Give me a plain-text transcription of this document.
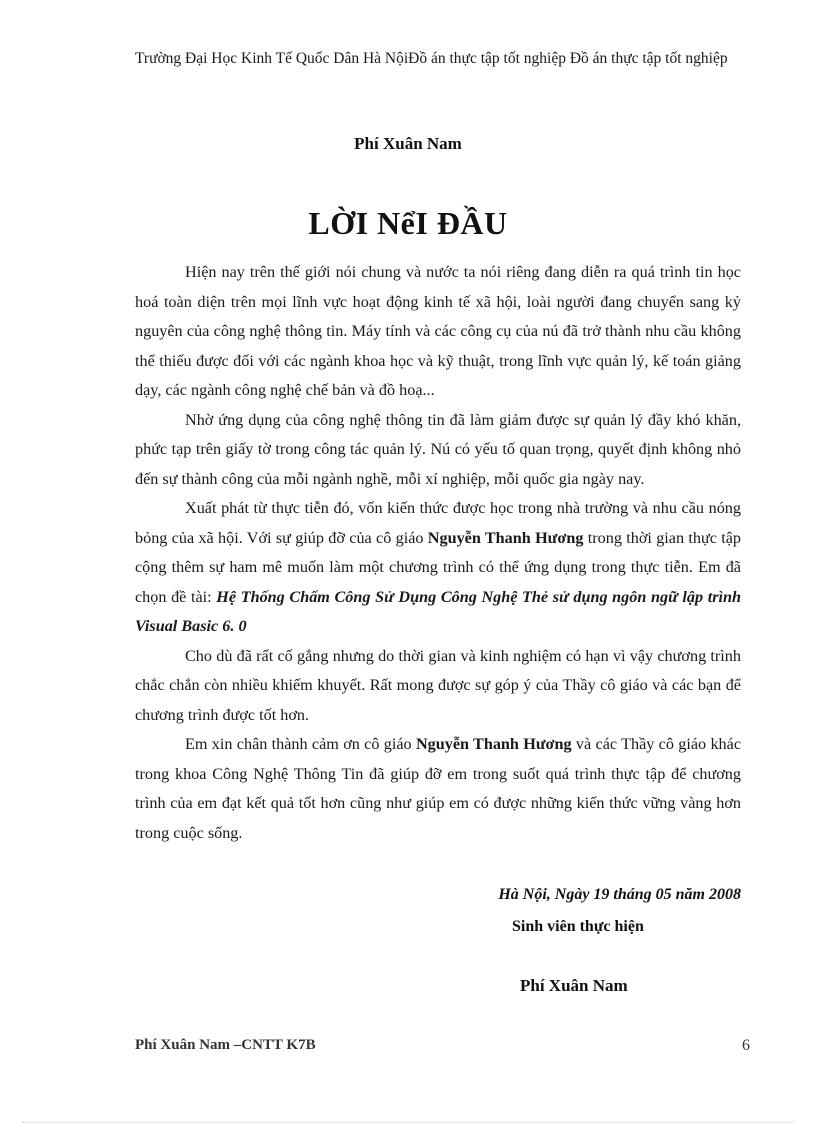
Trường Đại Học Kinh Tế Quốc Dân Hà NộiĐồ án thực tập tốt nghiệp Đồ án thực tập tốt nghiệp
Phí Xuân Nam
LỜI NểI ĐẦU

Hiện nay trên thế giới nói chung và nước ta nói riêng đang diễn ra quá trình tin học hoá toàn diện trên mọi lĩnh vực hoạt động kinh tế xã hội, loài người đang chuyển sang kỷ nguyên của công nghệ thông tin. Máy tính và các công cụ của nú đã trở thành nhu cầu không thể thiếu được đối với các ngành khoa học và kỹ thuật, trong lĩnh vực quản lý, kế toán giảng dạy, các ngành công nghệ chế bản và đồ hoạ...

Nhờ ứng dụng của công nghệ thông tin đã làm giảm được sự quản lý đầy khó khăn, phức tạp trên giấy tờ trong công tác quản lý. Nú có yếu tố quan trọng, quyết định không nhỏ đến sự thành công của mỗi ngành nghề, mỗi xí nghiệp, mỗi quốc gia ngày nay.

Xuất phát từ thực tiễn đó, vốn kiến thức được học trong nhà trường và nhu cầu nóng bỏng của xã hội. Với sự giúp đỡ của cô giáo Nguyễn Thanh Hương trong thời gian thực tập cộng thêm sự ham mê muốn làm một chương trình có thể ứng dụng trong thực tiễn. Em đã chọn đề tài: Hệ Thống Chấm Công Sử Dụng Công Nghệ Thẻ sử dụng ngôn ngữ lập trình Visual Basic 6. 0

Cho dù đã rất cố gắng nhưng do thời gian và kinh nghiệm có hạn vì vậy chương trình chắc chắn còn nhiều khiếm khuyết. Rất mong được sự góp ý của Thầy cô giáo và các bạn để chương trình được tốt hơn.

Em xin chân thành cảm ơn cô giáo Nguyễn Thanh Hương và các Thầy cô giáo khác trong khoa Công Nghệ Thông Tin đã giúp đỡ em trong suốt quá trình thực tập để chương trình của em đạt kết quả tốt hơn cũng như giúp em có được những kiến thức vững vàng hơn trong cuộc sống.

Hà Nội, Ngày 19 tháng 05 năm 2008
Sinh viên thực hiện
Phí Xuân Nam
Phí Xuân Nam –CNTT K7B	6
